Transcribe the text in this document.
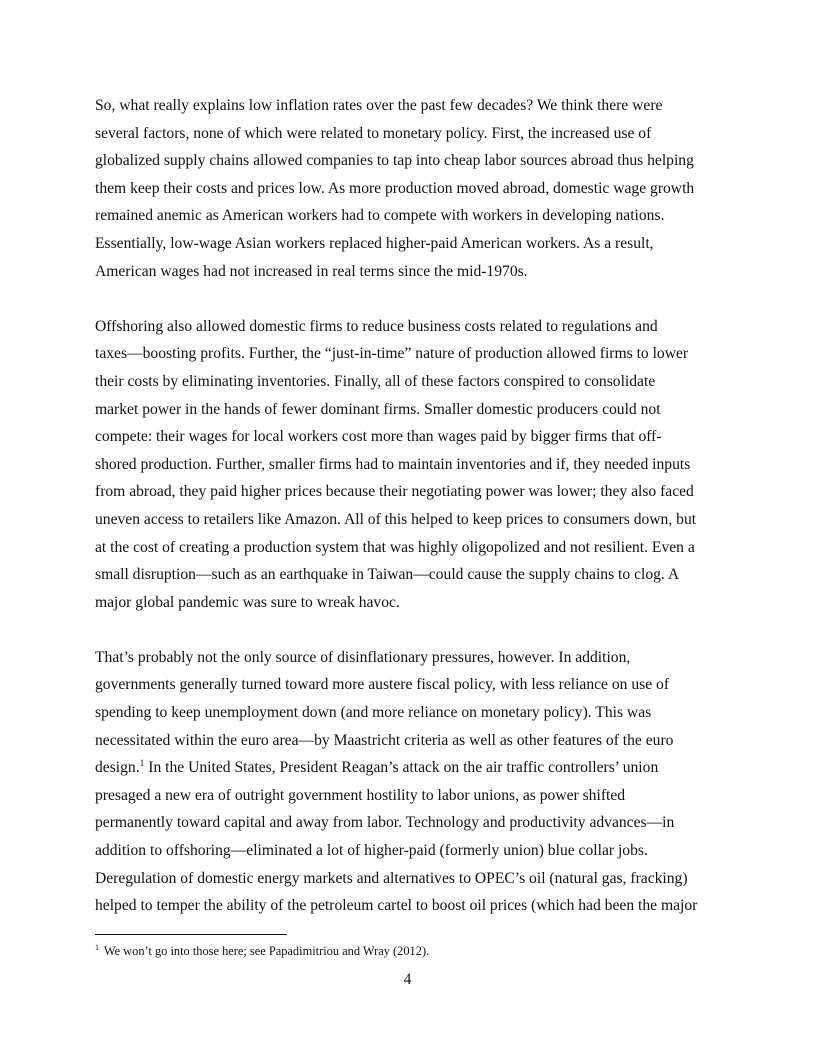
So, what really explains low inflation rates over the past few decades? We think there were
several factors, none of which were related to monetary policy. First, the increased use of
globalized supply chains allowed companies to tap into cheap labor sources abroad thus helping
them keep their costs and prices low. As more production moved abroad, domestic wage growth
remained anemic as American workers had to compete with workers in developing nations.
Essentially, low-wage Asian workers replaced higher-paid American workers. As a result,
American wages had not increased in real terms since the mid-1970s.

Offshoring also allowed domestic firms to reduce business costs related to regulations and
taxes—boosting profits. Further, the “just-in-time” nature of production allowed firms to lower
their costs by eliminating inventories. Finally, all of these factors conspired to consolidate
market power in the hands of fewer dominant firms. Smaller domestic producers could not
compete: their wages for local workers cost more than wages paid by bigger firms that off-
shored production. Further, smaller firms had to maintain inventories and if, they needed inputs
from abroad, they paid higher prices because their negotiating power was lower; they also faced
uneven access to retailers like Amazon. All of this helped to keep prices to consumers down, but
at the cost of creating a production system that was highly oligopolized and not resilient. Even a
small disruption—such as an earthquake in Taiwan—could cause the supply chains to clog. A
major global pandemic was sure to wreak havoc.

That’s probably not the only source of disinflationary pressures, however. In addition,
governments generally turned toward more austere fiscal policy, with less reliance on use of
spending to keep unemployment down (and more reliance on monetary policy). This was
necessitated within the euro area—by Maastricht criteria as well as other features of the euro
design.$^1$ In the United States, President Reagan’s attack on the air traffic controllers’ union
presaged a new era of outright government hostility to labor unions, as power shifted
permanently toward capital and away from labor. Technology and productivity advances—in
addition to offshoring—eliminated a lot of higher-paid (formerly union) blue collar jobs.
Deregulation of domestic energy markets and alternatives to OPEC’s oil (natural gas, fracking)
helped to temper the ability of the petroleum cartel to boost oil prices (which had been the major

$^1$ We won’t go into those here; see Papadimitriou and Wray (2012).
4
